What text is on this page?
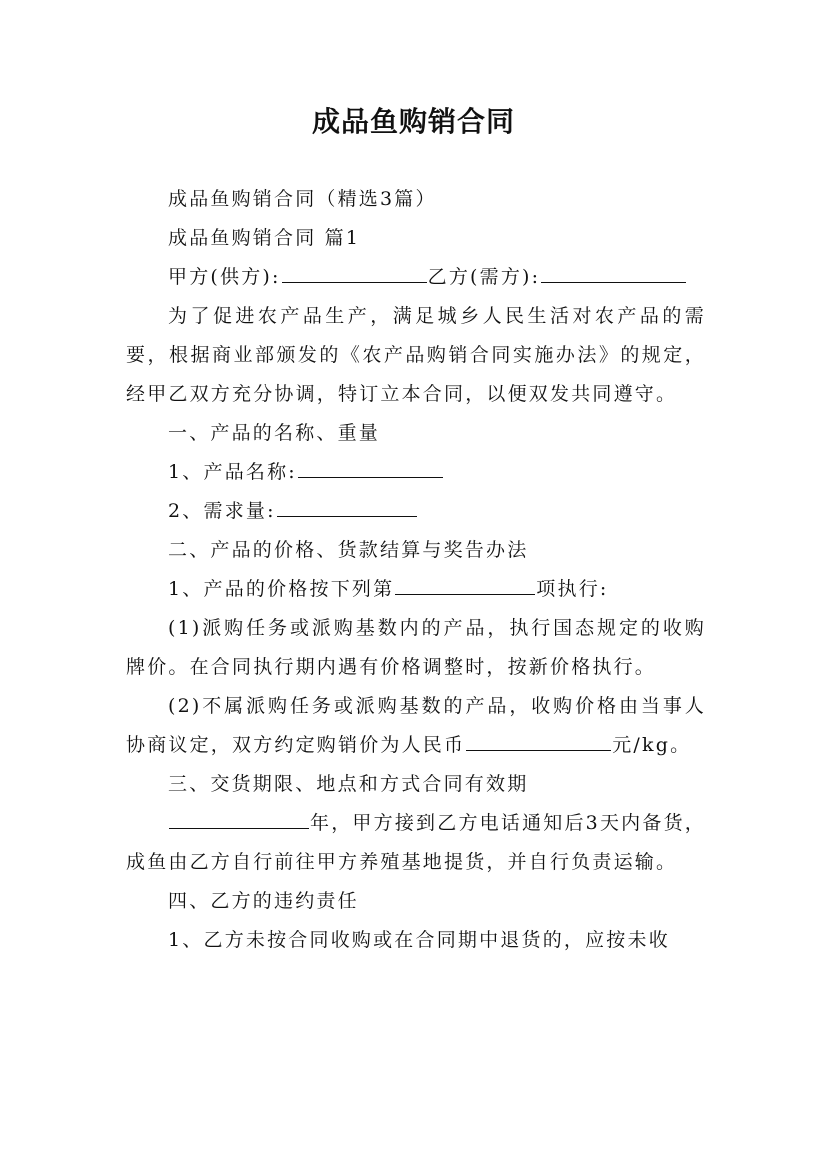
成品鱼购销合同

成品鱼购销合同（精选3篇）

成品鱼购销合同 篇1

甲方(供方):	乙方(需方):

为了促进农产品生产，满足城乡人民生活对农产品的需要，根据商业部颁发的《农产品购销合同实施办法》的规定，经甲乙双方充分协调，特订立本合同，以便双发共同遵守。

一、产品的名称、重量

1、产品名称:

2、需求量:

二、产品的价格、货款结算与奖告办法

1、产品的价格按下列第	项执行:

(1)派购任务或派购基数内的产品，执行国态规定的收购牌价。在合同执行期内遇有价格调整时，按新价格执行。

(2)不属派购任务或派购基数的产品，收购价格由当事人协商议定，双方约定购销价为人民币	元/kg。

三、交货期限、地点和方式合同有效期

年，甲方接到乙方电话通知后3天内备货，成鱼由乙方自行前往甲方养殖基地提货，并自行负责运输。

四、乙方的违约责任

1、乙方未按合同收购或在合同期中退货的，应按未收
